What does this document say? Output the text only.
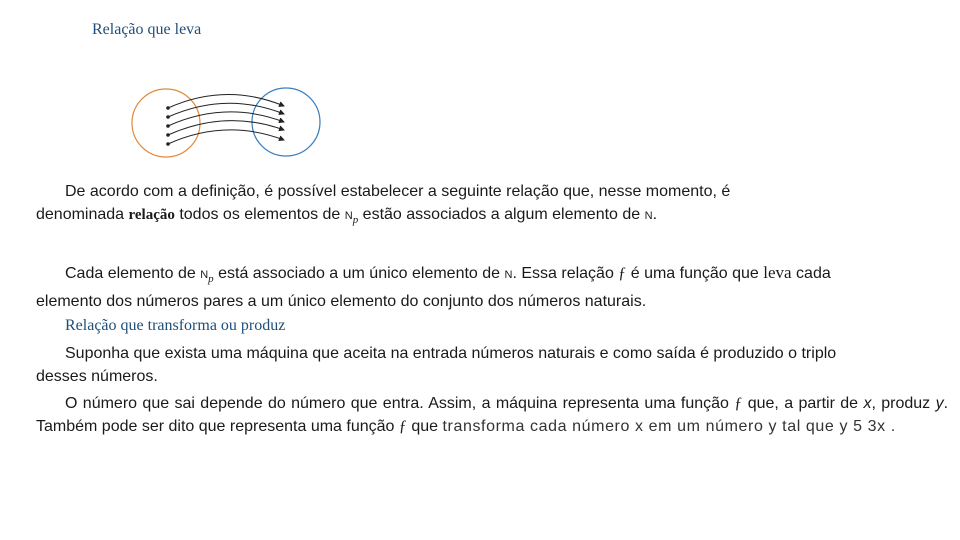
Relação que leva

De acordo com a definição, é possível estabelecer a seguinte relação que, nesse momento, é denominada relação todos os elementos de $N_p$ estão associados a algum elemento de N.

Cada elemento de $N_p$ está associado a um único elemento de N. Essa relação ƒ é uma função que leva cada elemento dos números pares a um único elemento do conjunto dos números naturais.

Relação que transforma ou produz

Suponha que exista uma máquina que aceita na entrada números naturais e como saída é produzido o triplo desses números.

O número que sai depende do número que entra. Assim, a máquina representa uma função ƒ que, a partir de x, produz y. Também pode ser dito que representa uma função ƒ que transforma cada número x em um número y tal que y 5 3x .
